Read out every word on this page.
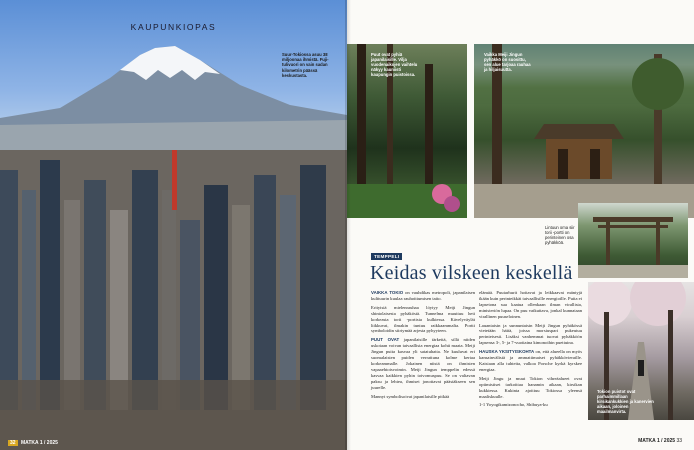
KAUPUNKIOPAS
Suur-Tokiossa asuu 38 miljoonaa ihmistä. Fuji-tulivuori on vain sadan kilometrin päässä keskustasta.
32 MATKA 1 / 2025
Puut ovat pyhiä japanilaisille. Vilja vuodenaikojen vaihtelu näkyy kauniisti kaupungin puistoissa.
Vaikka Meiji Jingun pyhäkkö on suosittu, sen alue tarjoaa rauhaa ja hiljaisuutta.
Lintuun oma siir torii -portti on perinteinen osa pyhäkköä.
Tokion puistot ovat parhaimmillaan kirsikankukkien ja kanervien aikaan, joloinen maailmanvirta.
TEMPPELI
Keidas vilskeen keskellä

VAIKKA TOKIO on vauhdikas metropoli, japanilaisen kulttuurin kuulaa rauhoittumisen taito.

Erityisiä mielenrauhaa löytyy Meiji Jingun shintolaisesta pyhäköstä. Tunnelma muuttuu heti korkeasta torii -portista kulkiessa. Kävelyväylät liikkuvat, ilmakin tuntuu raikkaammalta. Portti symboloidin siirtymää arjesta pyhyyteen.

PUUT OVAT japanilaisille tärkeitä, sillä niiden uskotaan voivan taivaallista energiaa kohti maata. Meiji Jingun puita kasvaa yli satatuhatta. Ne kuuluvat eri suomalaisten puiden verrattuna kolme kertaa korkeammalle. Jokainen niistä on ihmisten vapaaehtoisvoimin. Meiji Jingun temppelin edessä kasvaa kaikkien pyhin toivomuspuu. Se on valtavan paksu ja lehtea, ihmiset jonottavat päästäkseen sen juurelle.

Mannyt symbolisoivat japanilaisille pitkää

elämää. Puutarhurit hoitavat ja leikkaavat mäntyjä ikään kuin perinteikkäi taivaallisille energioille. Puita ei lapsetona sua kaatua ollenkaan ilman virallista, ministeriön lupaa. On puu vaikuttava, jonkal kunnataan virallinen puuseloinen.

Lauantaisin ja sunnuntaisin Meiji Jingun pyhäkössä vietetään häitä, joissa morsiuspari pukeutuu perinteisesti. Lisäksi vanhemmat tuovat pyhäkköön lapsensa 3-, 5- ja 7-vuotiaina kimonoihin puettuina.

HAUSKA YKSITYISKOHTA on, että alueella on myös kansainvälistä ja ammattimaiset pyhäkkövieraille. Kaisiaan alla tuhteita, valkoa Porsche kyrkä kyrskee energiaa.

Meiji Jingu ja muut Tokion vihreäalueet ovat optimistiset tarkoittaa hanamin aikaan, kirsikan kukkiessa. Kukinta ajoittuu Tokiossa yleensä maaliskuulle.

1-1 Yoyogikamizonocho, Shibuya-ku

MATKA 1 / 2025 33
